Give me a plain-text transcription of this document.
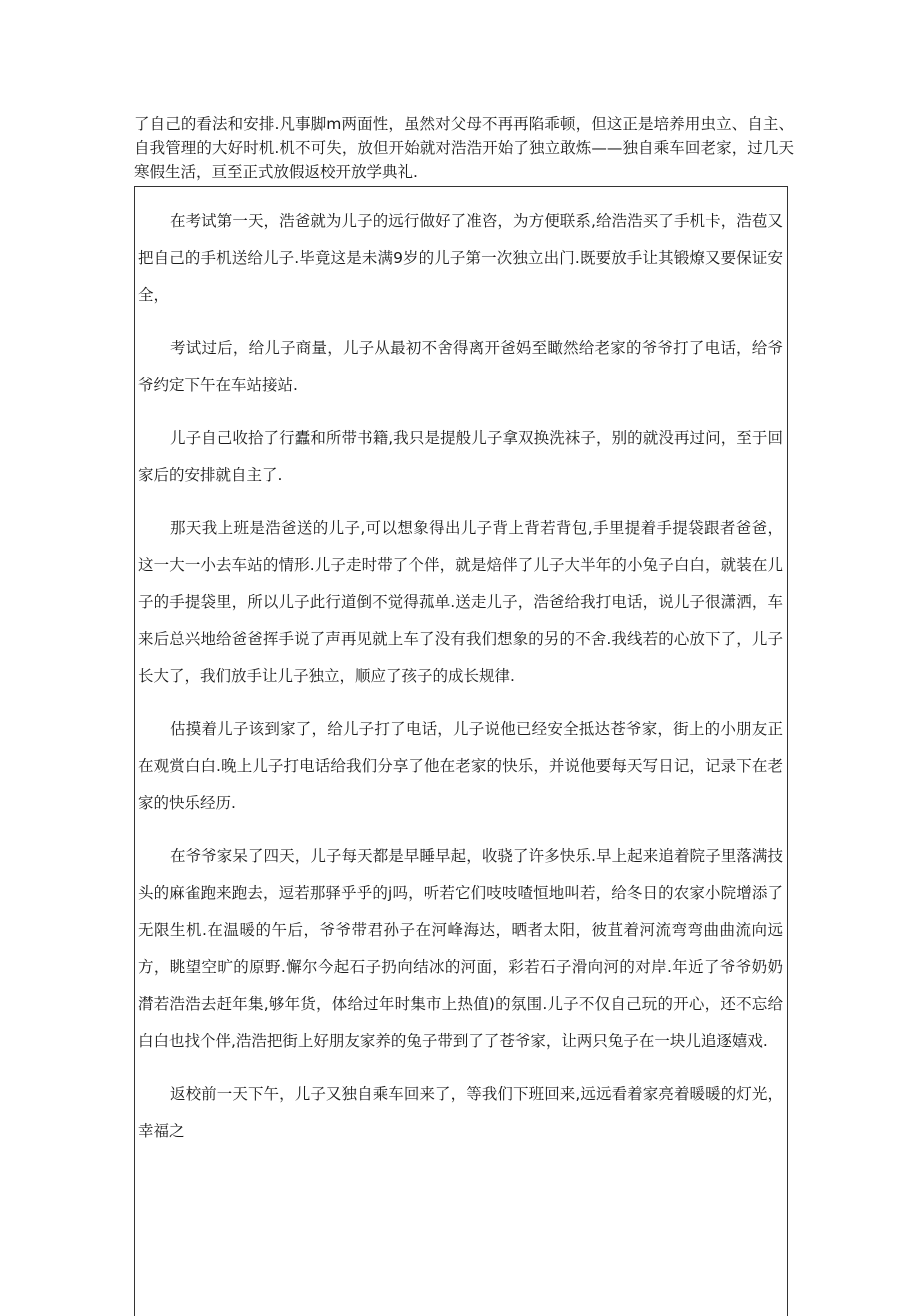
了自己的看法和安排.凡事脚m两面性，虽然对父母不再再陷乖顿，但这正是培养用虫立、自主、自我管理的大好时机.机不可失，放但开始就对浩浩开始了独立敢炼——独自乘车回老家，过几天寒假生活，亘至正式放假返校开放学典礼.

在考试第一天，浩爸就为儿子的远行做好了准咨，为方便联系,给浩浩买了手机卡，浩苞又把自己的手机送给儿子.毕竟这是未满9岁的儿子第一次独立出门.既要放手让其锻燎又要保证安全，

考试过后，给儿子商量，儿子从最初不舍得离开爸妈至瞰然给老家的爷爷打了电话，给爷爷约定下午在车站接站.

儿子自己收拾了行蠹和所带书籍,我只是提般儿子拿双换洗袜子，别的就没再过问，至于回家后的安排就自主了.

那天我上班是浩爸送的儿子,可以想象得出儿子背上背若背包,手里提着手提袋跟者爸爸，这一大一小去车站的情形.儿子走时带了个伴，就是焙伴了儿子大半年的小兔子白白，就装在儿子的手提袋里，所以儿子此行道倒不觉得菰单.送走儿子，浩爸给我打电话，说儿子很潇洒，车来后总兴地给爸爸挥手说了声再见就上车了没有我们想象的另的不舍.我线若的心放下了，儿子长大了，我们放手让儿子独立，顺应了孩子的成长规律.

估摸着儿子该到家了，给儿子打了电话，儿子说他已经安全抵达苍爷家，街上的小朋友正在观赏白白.晚上儿子打电话给我们分享了他在老家的快乐，并说他要每天写日记，记录下在老家的快乐经历.

在爷爷家呆了四天，儿子每天都是早睡早起，收骁了许多快乐.早上起来追着院子里落满技头的麻雀跑来跑去，逗若那驿乎乎的j吗，听若它们吱吱喳恒地叫若，给冬日的农家小院增添了无限生机.在温暖的午后，爷爷带君孙子在河峰海达，晒者太阳，彼苴着河流弯弯曲曲流向远方，眺望空旷的原野.懈尔今起石子扔向结冰的河面，彩若石子滑向河的对岸.年近了爷爷奶奶潸若浩浩去赶年集,够年货，体给过年时集市上热值)的氛围.儿子不仅自己玩的开心，还不忘给白白也找个伴,浩浩把街上好朋友家养的兔子带到了了苍爷家，让两只兔子在一块儿追逐嬉戏.

返校前一天下午，儿子又独自乘车回来了，等我们下班回来,远远看着家亮着暖暖的灯光，幸福之
